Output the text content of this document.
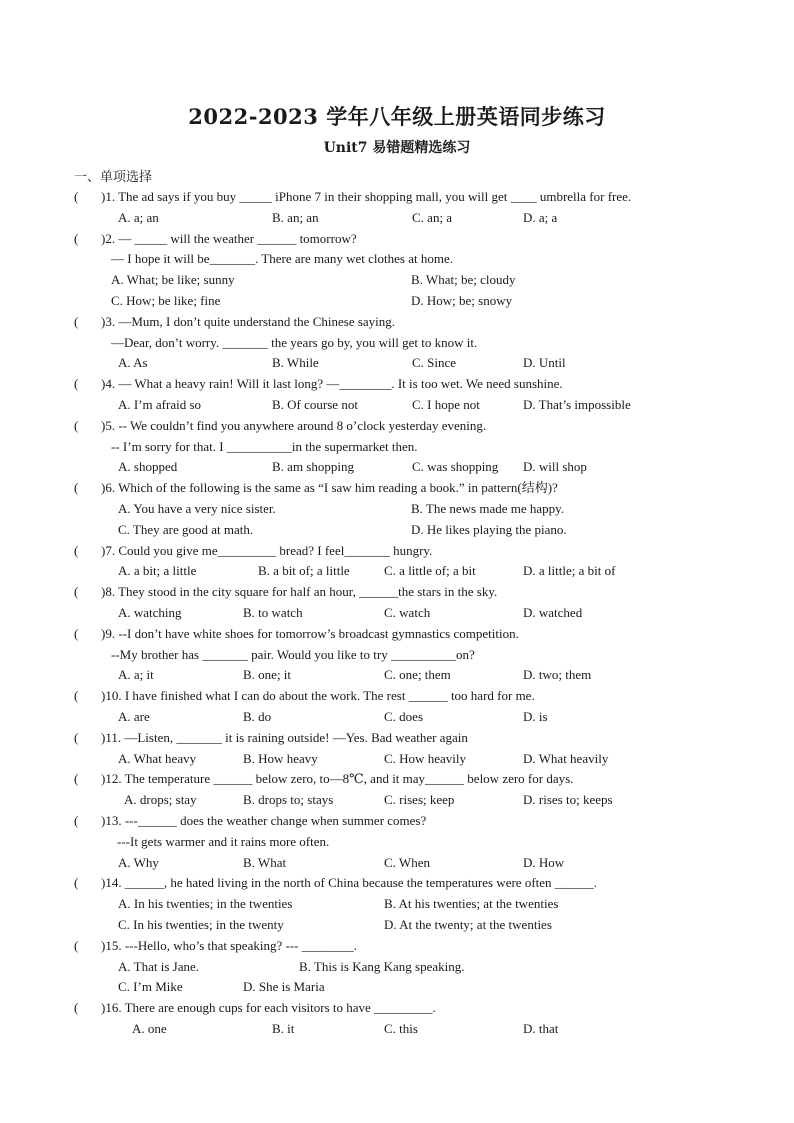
2022-2023 学年八年级上册英语同步练习
Unit7 易错题精选练习
一、单项选择
( )1. The ad says if you buy _____ iPhone 7 in their shopping mall, you will get ____ umbrella for free.
A. a; an	B. an; an	C. an; a	D. a; a
( )2. — _____ will the weather ______ tomorrow?
— I hope it will be_______. There are many wet clothes at home.
A. What; be like; sunny	B. What; be; cloudy
C. How; be like; fine	D. How; be; snowy
( )3. —Mum, I don’t quite understand the Chinese saying.
—Dear, don’t worry. _______ the years go by, you will get to know it.
A. As	B. While	C. Since	D. Until
( )4. — What a heavy rain! Will it last long? —________. It is too wet. We need sunshine.
A. I’m afraid so	B. Of course not	C. I hope not	D. That’s impossible
( )5. -- We couldn’t find you anywhere around 8 o’clock yesterday evening.
-- I’m sorry for that. I __________in the supermarket then.
A. shopped	B. am shopping	C. was shopping D. will shop
( )6. Which of the following is the same as “I saw him reading a book.” in pattern(结构)?
A. You have a very nice sister.	B. The news made me happy.
C. They are good at math.	D. He likes playing the piano.
( )7. Could you give me_________ bread? I feel_______ hungry.
A. a bit; a little	B. a bit of; a little	C. a little of; a bit	D. a little; a bit of
( )8. They stood in the city square for half an hour, ______the stars in the sky.
A. watching	B. to watch	C. watch	D. watched
( )9. --I don’t have white shoes for tomorrow’s broadcast gymnastics competition.
--My brother has _______ pair. Would you like to try __________on?
A. a; it	B. one; it	C. one; them	D. two; them
( )10. I have finished what I can do about the work. The rest ______ too hard for me.
A. are	B. do	C. does	D. is
( )11. —Listen, _______ it is raining outside! —Yes. Bad weather again
A. What heavy	B. How heavy	C. How heavily	D. What heavily
( )12. The temperature ______ below zero, to—8℃, and it may______ below zero for days.
A. drops; stay	B. drops to; stays	C. rises; keep	D. rises to; keeps
( )13. ---______ does the weather change when summer comes?
---It gets warmer and it rains more often.
A. Why	B. What	C. When	D. How
( )14. ______, he hated living in the north of China because the temperatures were often ______.
A. In his twenties; in the twenties	B. At his twenties; at the twenties
C. In his twenties; in the twenty	D. At the twenty; at the twenties
( )15. ---Hello, who’s that speaking? --- ________.
A. That is Jane.	B. This is Kang Kang speaking.
C. I’m Mike	D. She is Maria
( )16. There are enough cups for each visitors to have _________.
A. one	B. it	C. this	D. that
